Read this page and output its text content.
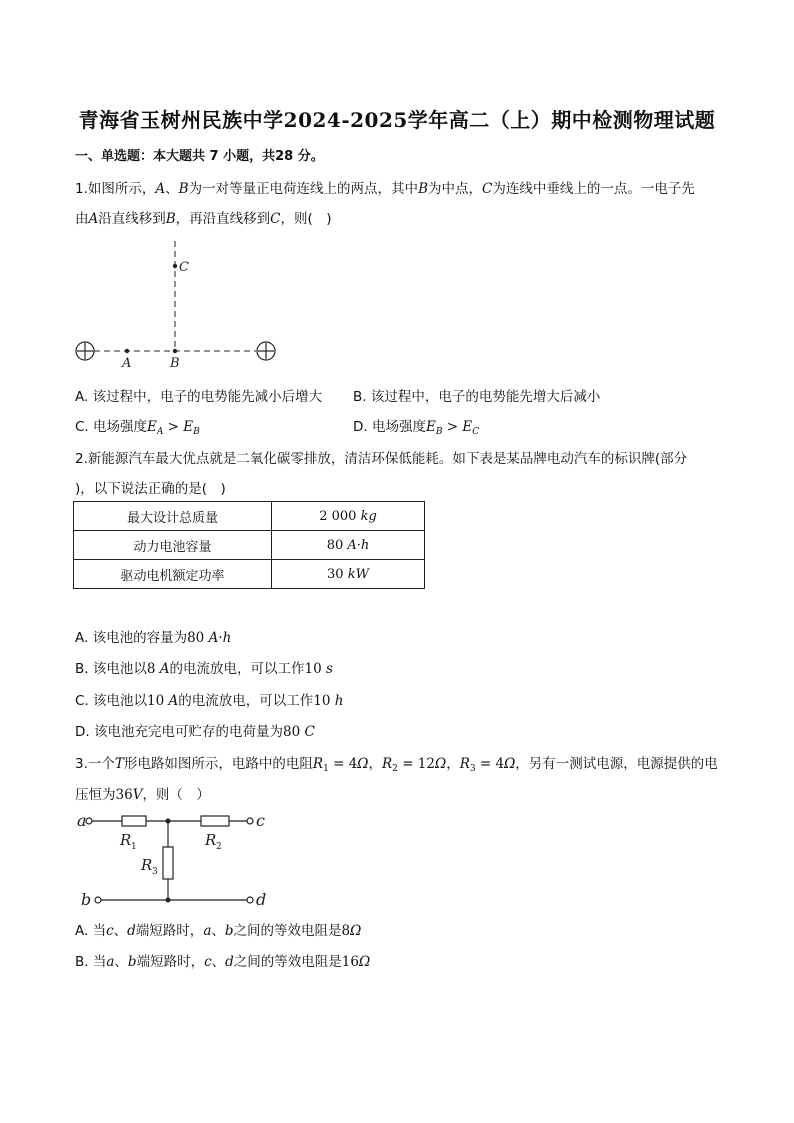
青海省玉树州民族中学2024-2025学年高二（上）期中检测物理试题
一、单选题：本大题共 7 小题，共28 分。
1.如图所示，A、B为一对等量正电荷连线上的两点，其中B为中点，C为连线中垂线上的一点。一电子先
由A沿直线移到B，再沿直线移到C，则(　)
C
A	B
A. 该过程中，电子的电势能先减小后增大 B. 该过程中，电子的电势能先增大后减小
C. 电场强度$E_A > E_B$	D. 电场强度$E_B > E_C$
2.新能源汽车最大优点就是二氧化碳零排放，清洁环保低能耗。如下表是某品牌电动汽车的标识牌(部分
)，以下说法正确的是(　)
最大设计总质量	2 000 kg
动力电池容量	80 A·h
驱动电机额定功率	30 kW
A. 该电池的容量为80 A·h
B. 该电池以8 A的电流放电，可以工作10 s
C. 该电池以10 A的电流放电，可以工作10 h
D. 该电池充完电可贮存的电荷量为80 C
3.一个T形电路如图所示，电路中的电阻$R_1 = 4\Omega$，$R_2 = 12\Omega$，$R_3 = 4\Omega$，另有一测试电源，电源提供的电
压恒为36V，则（　）
a	c
b	d
R	R
R
1	2
3
A. 当c、d端短路时，a、b之间的等效电阻是8Ω
B. 当a、b端短路时，c、d之间的等效电阻是16Ω
